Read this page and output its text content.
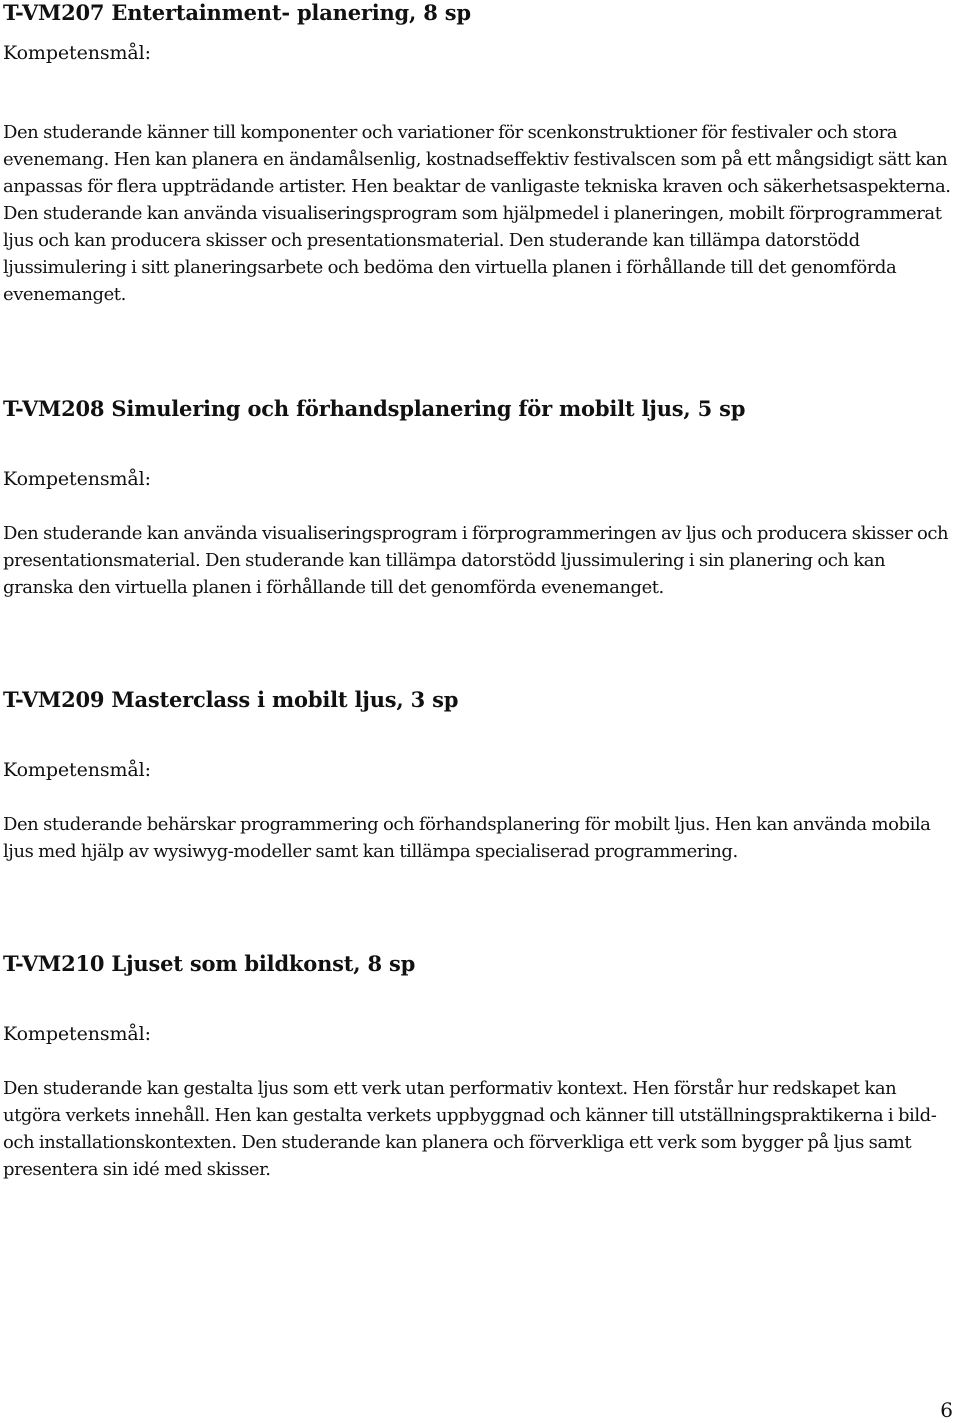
T-VM207 Entertainment- planering, 8 sp

Kompetensmål:

Den studerande känner till komponenter och variationer för scenkonstruktioner för festivaler och stora evenemang. Hen kan planera en ändamålsenlig, kostnadseffektiv festivalscen som på ett mångsidigt sätt kan anpassas för flera uppträdande artister. Hen beaktar de vanligaste tekniska kraven och säkerhetsaspekterna. Den studerande kan använda visualiseringsprogram som hjälpmedel i planeringen, mobilt förprogrammerat ljus och kan producera skisser och presentationsmaterial. Den studerande kan tillämpa datorstödd ljussimulering i sitt planeringsarbete och bedöma den virtuella planen i förhållande till det genomförda evenemanget.

T-VM208 Simulering och förhandsplanering för mobilt ljus, 5 sp

Kompetensmål:

Den studerande kan använda visualiseringsprogram i förprogrammeringen av ljus och producera skisser och presentationsmaterial. Den studerande kan tillämpa datorstödd ljussimulering i sin planering och kan granska den virtuella planen i förhållande till det genomförda evenemanget.

T-VM209 Masterclass i mobilt ljus, 3 sp

Kompetensmål:

Den studerande behärskar programmering och förhandsplanering för mobilt ljus. Hen kan använda mobila ljus med hjälp av wysiwyg-modeller samt kan tillämpa specialiserad programmering.

T-VM210 Ljuset som bildkonst, 8 sp

Kompetensmål:

Den studerande kan gestalta ljus som ett verk utan performativ kontext. Hen förstår hur redskapet kan utgöra verkets innehåll. Hen kan gestalta verkets uppbyggnad och känner till utställningspraktikerna i bild- och installationskontexten. Den studerande kan planera och förverkliga ett verk som bygger på ljus samt presentera sin idé med skisser.

6
